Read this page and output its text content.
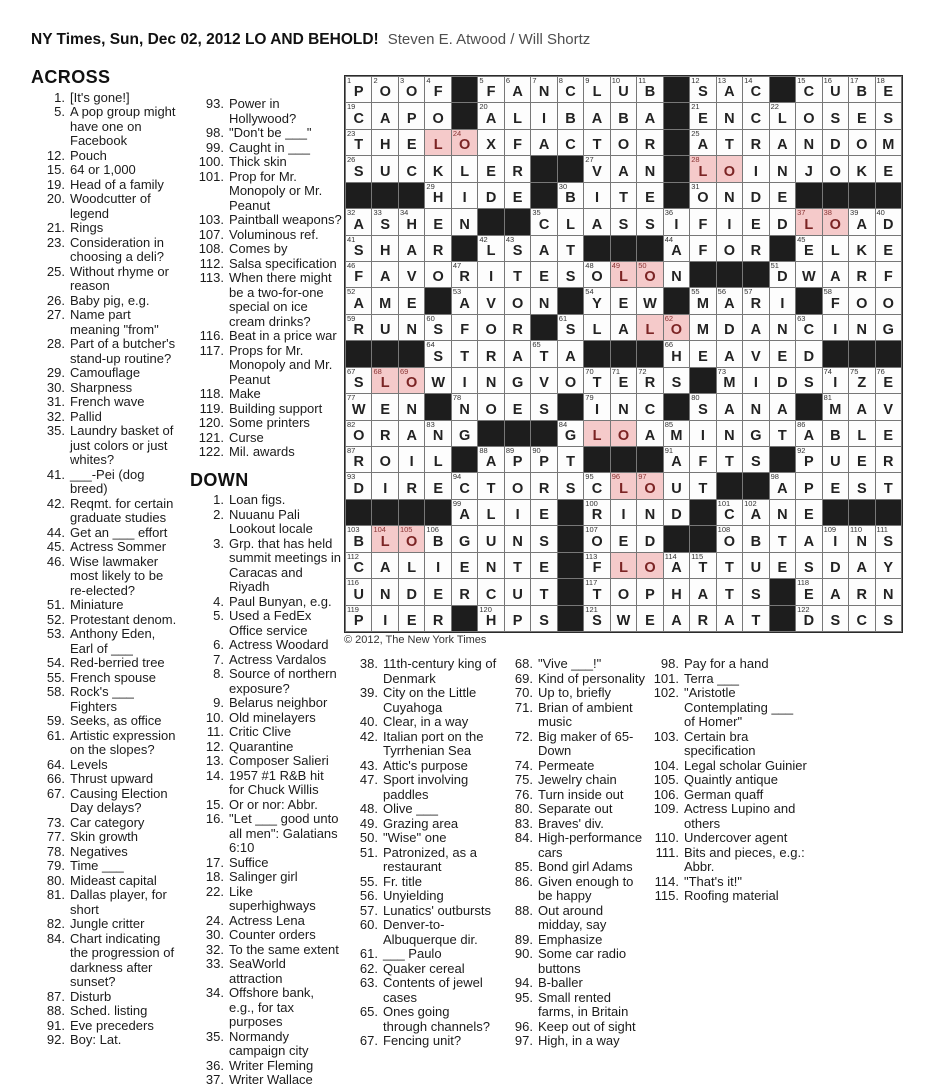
NY Times, Sun, Dec 02, 2012 LO AND BEHOLD! Steven E. Atwood / Will Shortz
ACROSS
1. [It's gone!]
5. A pop group might have one on Facebook
12. Pouch
15. 64 or 1,000
19. Head of a family
20. Woodcutter of legend
21. Rings
23. Consideration in choosing a deli?
25. Without rhyme or reason
26. Baby pig, e.g.
27. Name part meaning "from"
28. Part of a butcher's stand-up routine?
29. Camouflage
30. Sharpness
31. French wave
32. Pallid
35. Laundry basket of just colors or just whites?
41. ___-Pei (dog breed)
42. Reqmt. for certain graduate studies
44. Get an ___ effort
45. Actress Sommer
46. Wise lawmaker most likely to be re-elected?
51. Miniature
52. Protestant denom.
53. Anthony Eden, Earl of ___
54. Red-berried tree
55. French spouse
58. Rock's ___ Fighters
59. Seeks, as office
61. Artistic expression on the slopes?
64. Levels
66. Thrust upward
67. Causing Election Day delays?
73. Car category
77. Skin growth
78. Negatives
79. Time ___
80. Mideast capital
81. Dallas player, for short
82. Jungle critter
84. Chart indicating the progression of darkness after sunset?
87. Disturb
88. Sched. listing
91. Eve preceders
92. Boy: Lat.
93. Power in Hollywood?
98. "Don't be ___"
99. Caught in ___
100. Thick skin
101. Prop for Mr. Monopoly or Mr. Peanut
103. Paintball weapons?
107. Voluminous ref.
108. Comes by
112. Salsa specification
113. When there might be a two-for-one special on ice cream drinks?
116. Beat in a price war
117. Props for Mr. Monopoly and Mr. Peanut
118. Make
119. Building support
120. Some printers
121. Curse
122. Mil. awards
DOWN
1. Loan figs.
2. Nuuanu Pali Lookout locale
3. Grp. that has held summit meetings in Caracas and Riyadh
4. Paul Bunyan, e.g.
5. Used a FedEx Office service
6. Actress Woodard
7. Actress Vardalos
8. Source of northern exposure?
9. Belarus neighbor
10. Old minelayers
11. Critic Clive
12. Quarantine
13. Composer Salieri
14. 1957 #1 R&B hit for Chuck Willis
15. Or or nor: Abbr.
16. "Let ___ good unto all men": Galatians 6:10
17. Suffice
18. Salinger girl
22. Like superhighways
24. Actress Lena
30. Counter orders
32. To the same extent
33. SeaWorld attraction
34. Offshore bank, e.g., for tax purposes
35. Normandy campaign city
36. Writer Fleming
37. Writer Wallace
1
P
2
O
3
O
4
F
5
F
6
A
7
N
8
C
9
L
10
U
11
B
12
S
13
A
14
C
15
C
16
U
17
B
18
E
19
C A P O
20
A L I B A B A
21
E N C
22
L O S E S
23
T H E L
24
O X F A C T O R
25
A T R A N D O M
26
S U C K L E R
27
V A N
28
L O I N J O K E
29
H I D E
30
B I T E
31
O N D E
32
A
33
S
34
H E N
35
C L A S S
36
I F I E D
37
L
38
O
39
A
40
D
41
S H A R
42
L
43
S A T
44
A F O R
45
E L K E
46
F A V O
47
R I T E S
48
O
49
L
50
O N
51
D W A R F
52
A M E
53
A V O N
54
Y E W
55
M
56
A
57
R I
58
F O O
59
R U N
60
S F O R
61
S L A L
62
O M D A N
63
C I N G
64
S T R A
65
T A
66
H E A V E D
67
S
68
L
69
O W I N G V O
70
T
71
E
72
R S
73
M I D S
74
I
75
Z
76
E
77
W E N
78
N O E S
79
I N C
80
S A N A
81
M A V
82
O R A
83
N G
84
G L O A
85
M I N G T
86
A B L E
87
R O I L
88
A
89
P
90
P T
91
A F T S
92
P U E R
93
D I R E
94
C T O R S
95
C
96
L
97
O U T
98
A P E S T
99
A L I E
100
R I N D
101
C
102
A N E
103
B
104
L
105
O
106
B G U N S
107
O E D
108
O B T A
109
I
110
N
111
S
112
C A L I E N T E
113
F L O
114
A
115
T T U E S D A Y
116
U N D E R C U T
117
T O P H A T S
118
E A R N
119
P I E R
120
H P S
121
S W E A R A T
122
D S C S
© 2012, The New York Times
38. 11th-century king of Denmark
39. City on the Little Cuyahoga
40. Clear, in a way
42. Italian port on the Tyrrhenian Sea
43. Attic's purpose
47. Sport involving paddles
48. Olive ___
49. Grazing area
50. "Wise" one
51. Patronized, as a restaurant
55. Fr. title
56. Unyielding
57. Lunatics' outbursts
60. Denver-to-Albuquerque dir.
61. ___ Paulo
62. Quaker cereal
63. Contents of jewel cases
65. Ones going through channels?
67. Fencing unit?
68. "Vive ___!"
69. Kind of personality
70. Up to, briefly
71. Brian of ambient music
72. Big maker of 65-Down
74. Permeate
75. Jewelry chain
76. Turn inside out
80. Separate out
83. Braves' div.
84. High-performance cars
85. Bond girl Adams
86. Given enough to be happy
88. Out around midday, say
89. Emphasize
90. Some car radio buttons
94. B-baller
95. Small rented farms, in Britain
96. Keep out of sight
97. High, in a way
98. Pay for a hand
101. Terra ___
102. "Aristotle Contemplating ___ of Homer"
103. Certain bra specification
104. Legal scholar Guinier
105. Quaintly antique
106. German quaff
109. Actress Lupino and others
110. Undercover agent
111. Bits and pieces, e.g.: Abbr.
114. "That's it!"
115. Roofing material
